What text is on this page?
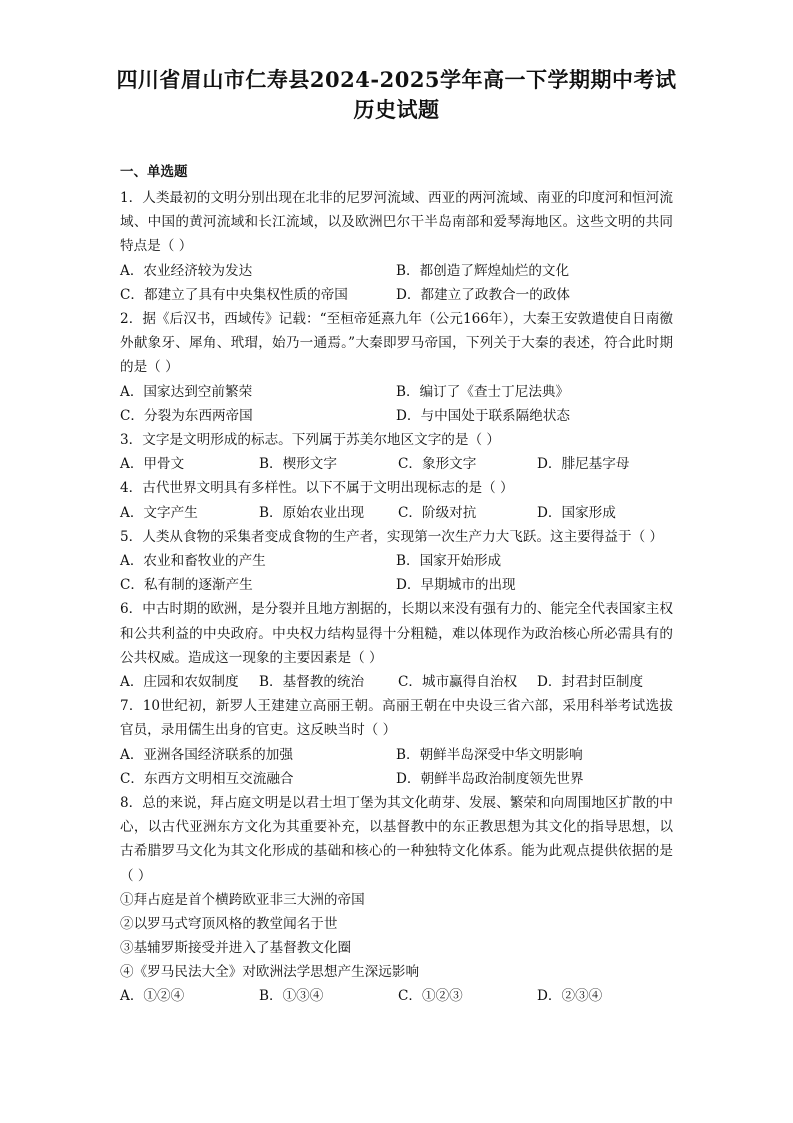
四川省眉山市仁寿县2024-2025学年高一下学期期中考试
历史试题
一、单选题
1．人类最初的文明分别出现在北非的尼罗河流域、西亚的两河流域、南亚的印度河和恒河流域、中国的黄河流域和长江流域，以及欧洲巴尔干半岛南部和爱琴海地区。这些文明的共同特点是（ ）
A．农业经济较为发达	B．都创造了辉煌灿烂的文化
C．都建立了具有中央集权性质的帝国	D．都建立了政教合一的政体
2．据《后汉书，西域传》记载：“至桓帝延熹九年（公元166年），大秦王安敦遣使自日南徼外献象牙、犀角、玳瑁，始乃一通焉。”大秦即罗马帝国，下列关于大秦的表述，符合此时期的是（ ）
A．国家达到空前繁荣	B．编订了《查士丁尼法典》
C．分裂为东西两帝国	D．与中国处于联系隔绝状态
3．文字是文明形成的标志。下列属于苏美尔地区文字的是（ ）
A．甲骨文	B．楔形文字	C．象形文字	D．腓尼基字母
4．古代世界文明具有多样性。以下不属于文明出现标志的是（ ）
A．文字产生	B．原始农业出现	C．阶级对抗	D．国家形成
5．人类从食物的采集者变成食物的生产者，实现第一次生产力大飞跃。这主要得益于（ ）
A．农业和畜牧业的产生	B．国家开始形成
C．私有制的逐渐产生	D．早期城市的出现
6．中古时期的欧洲，是分裂并且地方割据的，长期以来没有强有力的、能完全代表国家主权和公共利益的中央政府。中央权力结构显得十分粗糙，难以体现作为政治核心所必需具有的公共权威。造成这一现象的主要因素是（ ）
A．庄园和农奴制度	B．基督教的统治	C．城市赢得自治权	D．封君封臣制度
7．10世纪初，新罗人王建建立高丽王朝。高丽王朝在中央设三省六部，采用科举考试选拔官员，录用儒生出身的官吏。这反映当时（ ）
A．亚洲各国经济联系的加强	B．朝鲜半岛深受中华文明影响
C．东西方文明相互交流融合	D．朝鲜半岛政治制度领先世界
8．总的来说，拜占庭文明是以君士坦丁堡为其文化萌芽、发展、繁荣和向周围地区扩散的中心，以古代亚洲东方文化为其重要补充，以基督教中的东正教思想为其文化的指导思想，以古希腊罗马文化为其文化形成的基础和核心的一种独特文化体系。能为此观点提供依据的是（ ）
①拜占庭是首个横跨欧亚非三大洲的帝国
②以罗马式穹顶风格的教堂闻名于世
③基辅罗斯接受并进入了基督教文化圈
④《罗马民法大全》对欧洲法学思想产生深远影响
A．①②④	B．①③④	C．①②③	D．②③④
